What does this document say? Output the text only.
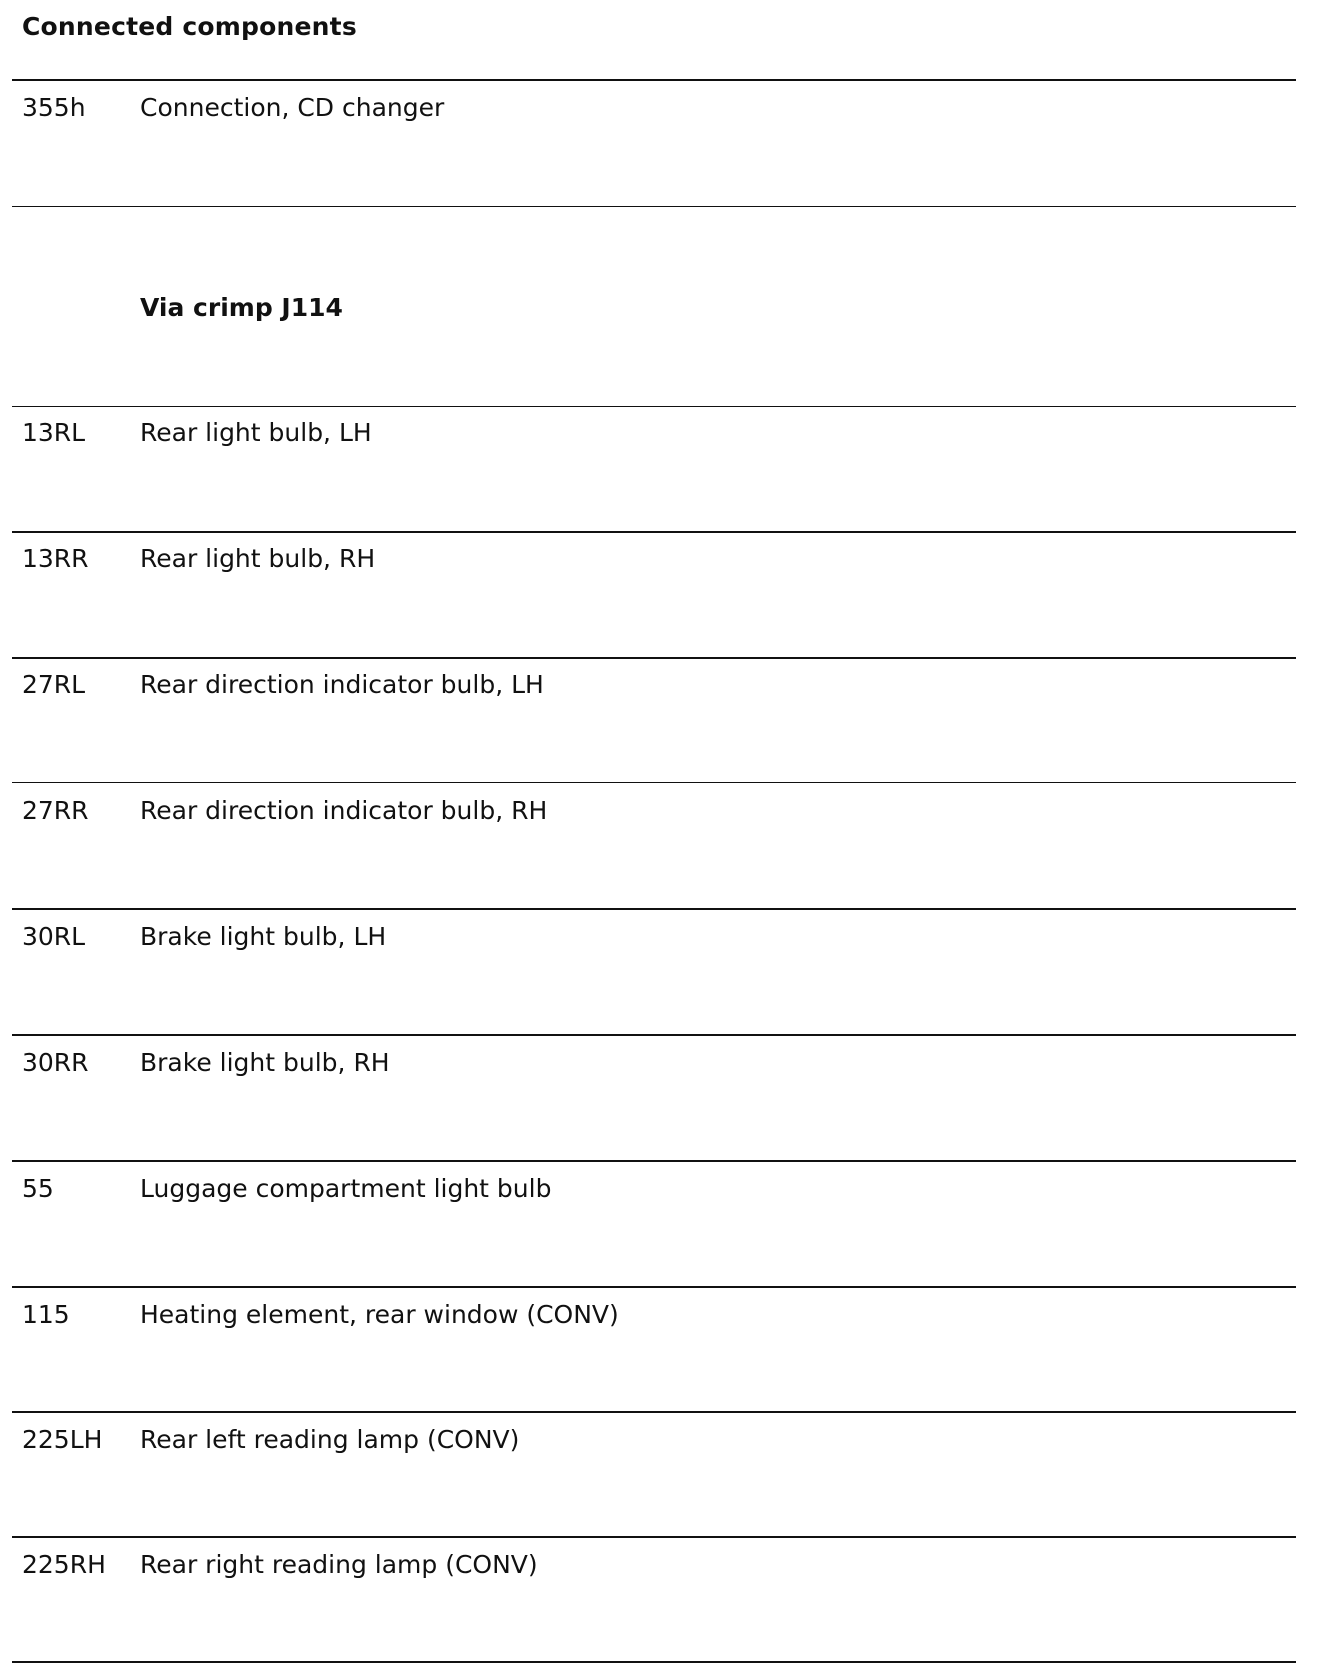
Connected components
355h Connection, CD changer
Via crimp J114
13RL Rear light bulb, LH
13RR Rear light bulb, RH
27RL Rear direction indicator bulb, LH
27RR Rear direction indicator bulb, RH
30RL Brake light bulb, LH
30RR Brake light bulb, RH
55	Luggage compartment light bulb
115	Heating element, rear window (CONV)
225LH Rear left reading lamp (CONV)
225RH Rear right reading lamp (CONV)
